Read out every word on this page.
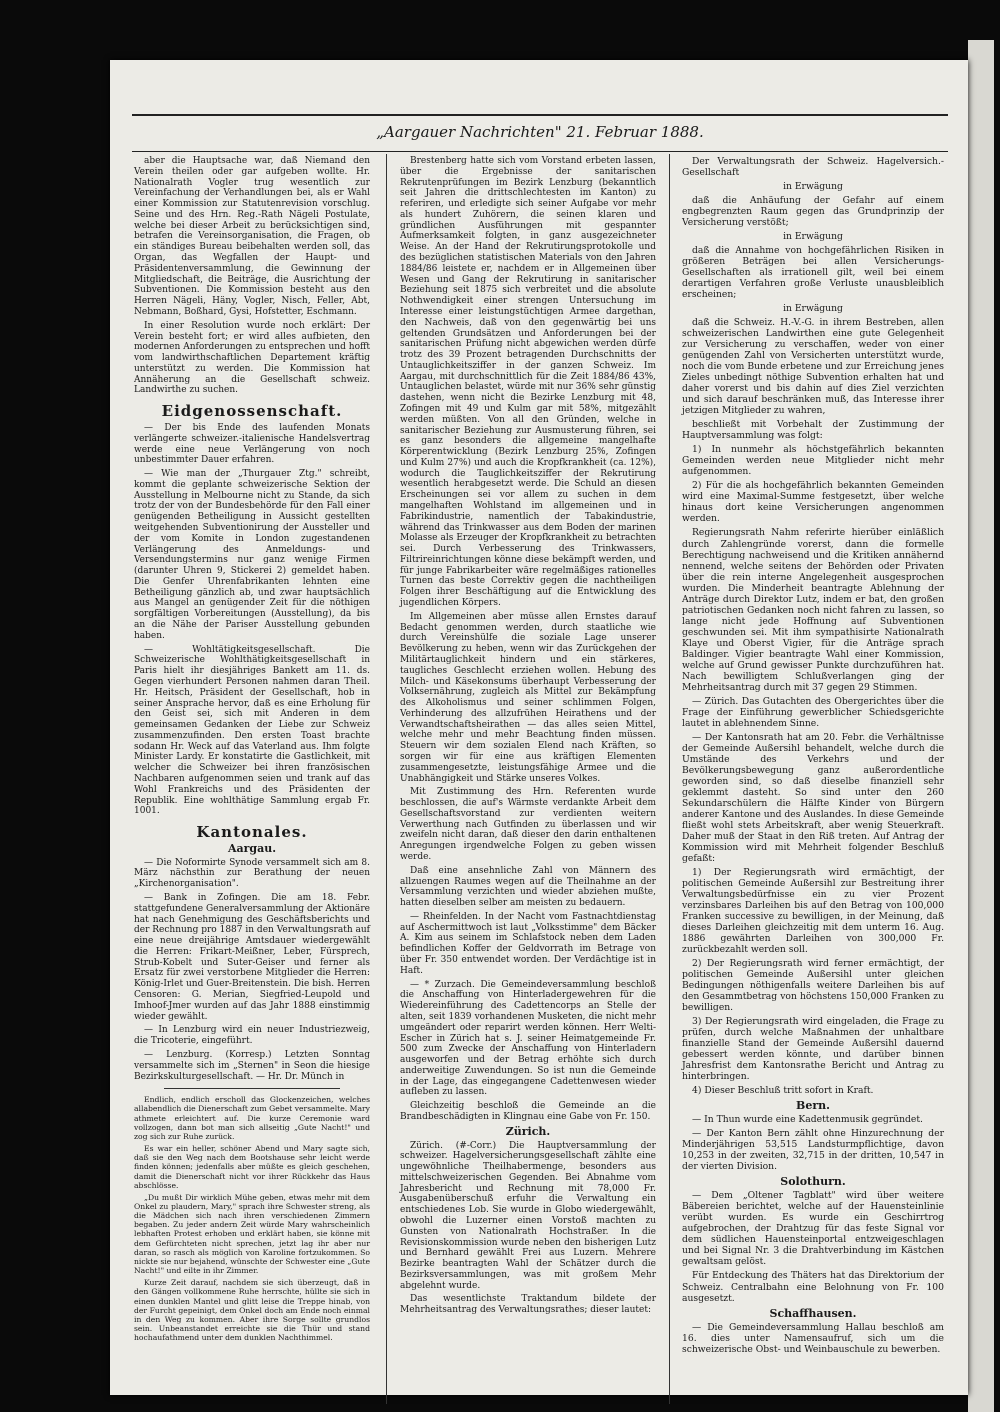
„Aargauer Nachrichten" 21. Februar 1888.

aber die Hauptsache war, daß Niemand den Verein theilen oder gar aufgeben wollte. Hr. Nationalrath Vogler trug wesentlich zur Vereinfachung der Verhandlungen bei, als er Wahl einer Kommission zur Statutenrevision vorschlug. Seine und des Hrn. Reg.-Rath Nägeli Postulate, welche bei dieser Arbeit zu berücksichtigen sind, betrafen die Vereinsorganisation, die Fragen, ob ein ständiges Bureau beibehalten werden soll, das Organ, das Wegfallen der Haupt- und Präsidentenversammlung, die Gewinnung der Mitgliedschaft, die Beiträge, die Ausrichtung der Subventionen. Die Kommission besteht aus den Herren Nägeli, Häny, Vogler, Nisch, Feller, Abt, Nebmann, Boßhard, Gysi, Hofstetter, Eschmann.

In einer Resolution wurde noch erklärt: Der Verein besteht fort; er wird alles aufbieten, den modernen Anforderungen zu entsprechen und hofft vom landwirthschaftlichen Departement kräftig unterstützt zu werden. Die Kommission hat Annäherung an die Gesellschaft schweiz. Landwirthe zu suchen.

Eidgenossenschaft.

— Der bis Ende des laufenden Monats verlängerte schweizer.-italienische Handelsvertrag werde eine neue Verlängerung von noch unbestimmter Dauer erfahren.

— Wie man der „Thurgauer Ztg." schreibt, kommt die geplante schweizerische Sektion der Ausstellung in Melbourne nicht zu Stande, da sich trotz der von der Bundesbehörde für den Fall einer genügenden Betheiligung in Aussicht gestellten weitgehenden Subventionirung der Aussteller und der vom Komite in London zugestandenen Verlängerung des Anmeldungs- und Versendungstermins nur ganz wenige Firmen (darunter Uhren 9, Stickerei 2) gemeldet haben. Die Genfer Uhrenfabrikanten lehnten eine Betheiligung gänzlich ab, und zwar hauptsächlich aus Mangel an genügender Zeit für die nöthigen sorgfältigen Vorbereitungen (Ausstellung), da bis an die Nähe der Pariser Ausstellung gebunden haben.

— Wohltätigkeitsgesellschaft. Die Schweizerische Wohlthätigkeitsgesellschaft in Paris hielt ihr diesjähriges Bankett am 11. ds. Gegen vierhundert Personen nahmen daran Theil. Hr. Heitsch, Präsident der Gesellschaft, hob in seiner Ansprache hervor, daß es eine Erholung für den Geist sei, sich mit Anderen in dem gemeinsamen Gedanken der Liebe zur Schweiz zusammenzufinden. Den ersten Toast brachte sodann Hr. Weck auf das Vaterland aus. Ihm folgte Minister Lardy. Er konstatirte die Gastlichkeit, mit welcher die Schweizer bei ihren französischen Nachbaren aufgenommen seien und trank auf das Wohl Frankreichs und des Präsidenten der Republik. Eine wohlthätige Sammlung ergab Fr. 1001.

Kantonales.
Aargau.

— Die Noformirte Synode versammelt sich am 8. März nächsthin zur Berathung der neuen „Kirchenorganisation".

— Bank in Zofingen. Die am 18. Febr. stattgefundene Generalversammlung der Aktionäre hat nach Genehmigung des Geschäftsberichts und der Rechnung pro 1887 in den Verwaltungsrath auf eine neue dreijährige Amtsdauer wiedergewählt die Herren: Frikart-Meißner, Leber, Fürsprech, Strub-Kobelt und Suter-Geiser und ferner als Ersatz für zwei verstorbene Mitglieder die Herren: König-Irlet und Guer-Breitenstein. Die bish. Herren Censoren: G. Merian, Siegfried-Leupold und Imhoof-Jmer wurden auf das Jahr 1888 einstimmig wieder gewählt.

— In Lenzburg wird ein neuer Industriezweig, die Tricoterie, eingeführt.

— Lenzburg. (Korresp.) Letzten Sonntag versammelte sich im „Sternen" in Seon die hiesige Bezirkskulturgesellschaft. — Hr. Dr. Münch in

Endlich, endlich erscholl das Glockenzeichen, welches allabendlich die Dienerschaft zum Gebet versammelte. Mary athmete erleichtert auf. Die kurze Ceremonie ward vollzogen, dann bot man sich allseitig „Gute Nacht!" und zog sich zur Ruhe zurück.

Es war ein heller, schöner Abend und Mary sagte sich, daß sie den Weg nach dem Bootshause sehr leicht werde finden können; jedenfalls aber müßte es gleich geschehen, damit die Dienerschaft nicht vor ihrer Rückkehr das Haus abschlösse.

„Du mußt Dir wirklich Mühe geben, etwas mehr mit dem Onkel zu plaudern, Mary," sprach ihre Schwester streng, als die Mädchen sich nach ihren verschiedenen Zimmern begaben. Zu jeder andern Zeit würde Mary wahrscheinlich lebhaften Protest erhoben und erklärt haben, sie könne mit dem Gefürchteten nicht sprechen, jetzt lag ihr aber nur daran, so rasch als möglich von Karoline fortzukommen. So nickte sie nur bejahend, wünschte der Schwester eine „Gute Nacht!" und eilte in ihr Zimmer.

Kurze Zeit darauf, nachdem sie sich überzeugt, daß in den Gängen vollkommene Ruhe herrschte, hüllte sie sich in einen dunklen Mantel und glitt leise die Treppe hinab, von der Furcht gepeinigt, dem Onkel doch am Ende noch einmal in den Weg zu kommen. Aber ihre Sorge sollte grundlos sein. Unbeanstandet erreichte sie die Thür und stand hochaufathmend unter dem dunklen Nachthimmel.

Brestenberg hatte sich vom Vorstand erbeten lassen, über die Ergebnisse der sanitarischen Rekrutenprüfungen im Bezirk Lenzburg (bekanntlich seit Jahren die drittschlechtesten im Kanton) zu referiren, und erledigte sich seiner Aufgabe vor mehr als hundert Zuhörern, die seinen klaren und gründlichen Ausführungen mit gespannter Aufmerksamkeit folgten, in ganz ausgezeichneter Weise. An der Hand der Rekrutirungsprotokolle und des bezüglichen statistischen Materials von den Jahren 1884/86 leistete er, nachdem er in Allgemeinen über Wesen und Gang der Rekrutirung in sanitarischer Beziehung seit 1875 sich verbreitet und die absolute Nothwendigkeit einer strengen Untersuchung im Interesse einer leistungstüchtigen Armee dargethan, den Nachweis, daß von den gegenwärtig bei uns geltenden Grundsätzen und Anforderungen bei der sanitarischen Prüfung nicht abgewichen werden dürfe trotz des 39 Prozent betragenden Durchschnitts der Untauglichkeitsziffer in der ganzen Schweiz. Im Aargau, mit durchschnittlich für die Zeit 1884/86 43%, Untauglichen belastet, würde mit nur 36% sehr günstig dastehen, wenn nicht die Bezirke Lenzburg mit 48, Zofingen mit 49 und Kulm gar mit 58%, mitgezählt werden müßten. Von all den Gründen, welche in sanitarischer Beziehung zur Ausmusterung führen, sei es ganz besonders die allgemeine mangelhafte Körperentwicklung (Bezirk Lenzburg 25%, Zofingen und Kulm 27%) und auch die Kropfkrankheit (ca. 12%), wodurch die Tauglichkeitsziffer der Rekrutirung wesentlich herabgesetzt werde. Die Schuld an diesen Erscheinungen sei vor allem zu suchen in dem mangelhaften Wohlstand im allgemeinen und in Fabrikindustrie, namentlich der Tabakindustrie, während das Trinkwasser aus dem Boden der marinen Molasse als Erzeuger der Kropfkrankheit zu betrachten sei. Durch Verbesserung des Trinkwassers, Filtrireinrichtungen könne diese bekämpft werden, und für junge Fabrikarbeiter wäre regelmäßiges rationelles Turnen das beste Correktiv gegen die nachtheiligen Folgen ihrer Beschäftigung auf die Entwicklung des jugendlichen Körpers.

Im Allgemeinen aber müsse allen Ernstes darauf Bedacht genommen werden, durch staatliche wie durch Vereinshülfe die soziale Lage unserer Bevölkerung zu heben, wenn wir das Zurückgehen der Militärtauglichkeit hindern und ein stärkeres, taugliches Geschlecht erziehen wollen. Hebung des Milch- und Käsekonsums überhaupt Verbesserung der Volksernährung, zugleich als Mittel zur Bekämpfung des Alkoholismus und seiner schlimmen Folgen, Verhinderung des allzufrühen Heirathens und der Verwandtschaftsheirathen — das alles seien Mittel, welche mehr und mehr Beachtung finden müssen. Steuern wir dem sozialen Elend nach Kräften, so sorgen wir für eine aus kräftigen Elementen zusammengesetzte, leistungsfähige Armee und die Unabhängigkeit und Stärke unseres Volkes.

Mit Zustimmung des Hrn. Referenten wurde beschlossen, die auf's Wärmste verdankte Arbeit dem Gesellschaftsvorstand zur verdienten weitern Verwerthung nach Gutfinden zu überlassen und wir zweifeln nicht daran, daß dieser den darin enthaltenen Anregungen irgendwelche Folgen zu geben wissen werde.

Daß eine ansehnliche Zahl von Männern des allzuengen Raumes wegen auf die Theilnahme an der Versammlung verzichten und wieder abziehen mußte, hatten dieselben selber am meisten zu bedauern.

— Rheinfelden. In der Nacht vom Fastnachtdienstag auf Aschermittwoch ist laut „Volksstimme" dem Bäcker A. Kim aus seinem im Schlafstock neben dem Laden befindlichen Koffer der Geldvorrath im Betrage von über Fr. 350 entwendet worden. Der Verdächtige ist in Haft.

— * Zurzach. Die Gemeindeversammlung beschloß die Anschaffung von Hinterladergewehren für die Wiedereinführung des Cadettencorps an Stelle der alten, seit 1839 vorhandenen Musketen, die nicht mehr umgeändert oder reparirt werden können. Herr Welti-Escher in Zürich hat s. J. seiner Heimatgemeinde Fr. 500 zum Zwecke der Anschaffung von Hinterladern ausgeworfen und der Betrag erhöhte sich durch anderweitige Zuwendungen. So ist nun die Gemeinde in der Lage, das eingegangene Cadettenwesen wieder aufleben zu lassen.

Gleichzeitig beschloß die Gemeinde an die Brandbeschädigten in Klingnau eine Gabe von Fr. 150.

Zürich.

Zürich. (#-Corr.) Die Hauptversammlung der schweizer. Hagelversicherungsgesellschaft zählte eine ungewöhnliche Theilhabermenge, besonders aus mittelschweizerischen Gegenden. Bei Abnahme vom Jahresbericht und Rechnung mit 78,000 Fr. Ausgabenüberschuß erfuhr die Verwaltung ein entschiedenes Lob. Sie wurde in Globo wiedergewählt, obwohl die Luzerner einen Vorstoß machten zu Gunsten von Nationalrath Hochstraßer. In die Revisionskommission wurde neben den bisherigen Lutz und Bernhard gewählt Frei aus Luzern. Mehrere Bezirke beantragten Wahl der Schätzer durch die Bezirksversammlungen, was mit großem Mehr abgelehnt wurde.

Das wesentlichste Traktandum bildete der Mehrheitsantrag des Verwaltungsrathes; dieser lautet:

Der Verwaltungsrath der Schweiz. Hagelversich.-Gesellschaft

in Erwägung

daß die Anhäufung der Gefahr auf einem engbegrenzten Raum gegen das Grundprinzip der Versicherung verstößt;

in Erwägung

daß die Annahme von hochgefährlichen Risiken in größeren Beträgen bei allen Versicherungs-Gesellschaften als irrationell gilt, weil bei einem derartigen Verfahren große Verluste unausbleiblich erscheinen;

in Erwägung

daß die Schweiz. H.-V.-G. in ihrem Bestreben, allen schweizerischen Landwirthen eine gute Gelegenheit zur Versicherung zu verschaffen, weder von einer genügenden Zahl von Versicherten unterstützt wurde, noch die vom Bunde erbetene und zur Erreichung jenes Zieles unbedingt nöthige Subvention erhalten hat und daher vorerst und bis dahin auf dies Ziel verzichten und sich darauf beschränken muß, das Interesse ihrer jetzigen Mitglieder zu wahren,

beschließt mit Vorbehalt der Zustimmung der Hauptversammlung was folgt:

1) In nunmehr als höchstgefährlich bekannten Gemeinden werden neue Mitglieder nicht mehr aufgenommen.

2) Für die als hochgefährlich bekannten Gemeinden wird eine Maximal-Summe festgesetzt, über welche hinaus dort keine Versicherungen angenommen werden.

Regierungsrath Nahm referirte hierüber einläßlich durch Zahlengründe vorerst, dann die formelle Berechtigung nachweisend und die Kritiken annähernd nennend, welche seitens der Behörden oder Privaten über die rein interne Angelegenheit ausgesprochen wurden. Die Minderheit beantragte Ablehnung der Anträge durch Direktor Lutz, indem er bat, den großen patriotischen Gedanken noch nicht fahren zu lassen, so lange nicht jede Hoffnung auf Subventionen geschwunden sei. Mit ihm sympathisirte Nationalrath Klaye und Oberst Vigier, für die Anträge sprach Baldinger. Vigier beantragte Wahl einer Kommission, welche auf Grund gewisser Punkte durchzuführen hat. Nach bewilligtem Schlußverlangen ging der Mehrheitsantrag durch mit 37 gegen 29 Stimmen.

— Zürich. Das Gutachten des Obergerichtes über die Frage der Einführung gewerblicher Schiedsgerichte lautet in ablehnendem Sinne.

— Der Kantonsrath hat am 20. Febr. die Verhältnisse der Gemeinde Außersihl behandelt, welche durch die Umstände des Verkehrs und der Bevölkerungsbewegung ganz außerordentliche geworden sind, so daß dieselbe finanziell sehr geklemmt dasteht. So sind unter den 260 Sekundarschülern die Hälfte Kinder von Bürgern anderer Kantone und des Auslandes. In diese Gemeinde fließt wohl stets Arbeitskraft, aber wenig Steuerkraft. Daher muß der Staat in den Riß treten. Auf Antrag der Kommission wird mit Mehrheit folgender Beschluß gefaßt:

1) Der Regierungsrath wird ermächtigt, der politischen Gemeinde Außersihl zur Bestreitung ihrer Verwaltungsbedürfnisse ein zu vier Prozent verzinsbares Darleihen bis auf den Betrag von 100,000 Franken successive zu bewilligen, in der Meinung, daß dieses Darleihen gleichzeitig mit dem unterm 16. Aug. 1886 gewährten Darleihen von 300,000 Fr. zurückbezahlt werden soll.

2) Der Regierungsrath wird ferner ermächtigt, der politischen Gemeinde Außersihl unter gleichen Bedingungen nöthigenfalls weitere Darleihen bis auf den Gesammtbetrag von höchstens 150,000 Franken zu bewilligen.

3) Der Regierungsrath wird eingeladen, die Frage zu prüfen, durch welche Maßnahmen der unhaltbare finanzielle Stand der Gemeinde Außersihl dauernd gebessert werden könnte, und darüber binnen Jahresfrist dem Kantonsrathe Bericht und Antrag zu hinterbringen.

4) Dieser Beschluß tritt sofort in Kraft.

Bern.

— In Thun wurde eine Kadettenmusik gegründet.

— Der Kanton Bern zählt ohne Hinzurechnung der Minderjährigen 53,515 Landsturmpflichtige, davon 10,253 in der zweiten, 32,715 in der dritten, 10,547 in der vierten Division.

Solothurn.

— Dem „Oltener Tagblatt" wird über weitere Bäbereien berichtet, welche auf der Hauensteinlinie verübt wurden. Es wurde ein Geschirrtrog aufgebrochen, der Drahtzug für das feste Signal vor dem südlichen Hauensteinportal entzweigeschlagen und bei Signal Nr. 3 die Drahtverbindung im Kästchen gewaltsam gelöst.

Für Entdeckung des Thäters hat das Direktorium der Schweiz. Centralbahn eine Belohnung von Fr. 100 ausgesetzt.

Schaffhausen.

— Die Gemeindeversammlung Hallau beschloß am 16. dies unter Namensaufruf, sich um die schweizerische Obst- und Weinbauschule zu bewerben.
